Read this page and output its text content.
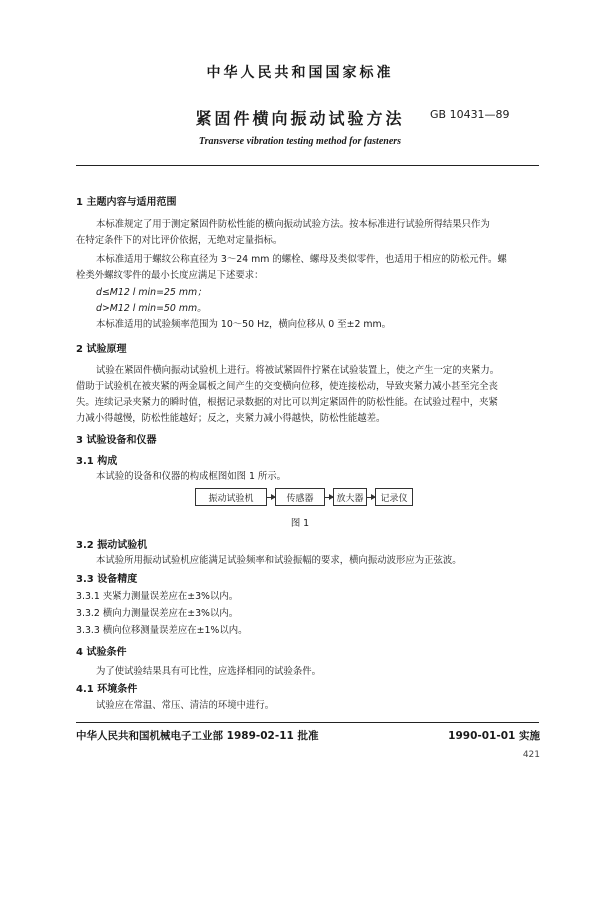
中华人民共和国国家标准

紧固件横向振动试验方法	GB 10431—89

Transverse vibration testing method for fasteners

1 主题内容与适用范围

本标准规定了用于测定紧固件防松性能的横向振动试验方法。按本标准进行试验所得结果只作为

在特定条件下的对比评价依据，无绝对定量指标。

本标准适用于螺纹公称直径为 3～24 mm 的螺栓、螺母及类似零件，也适用于相应的防松元件。螺

栓类外螺纹零件的最小长度应满足下述要求：

d≤M12 l min=25 mm；

d>M12 l min=50 mm。

本标准适用的试验频率范围为 10～50 Hz，横向位移从 0 至±2 mm。

2 试验原理

试验在紧固件横向振动试验机上进行。将被试紧固件拧紧在试验装置上，使之产生一定的夹紧力。

借助于试验机在被夹紧的两金属板之间产生的交变横向位移，使连接松动，导致夹紧力减小甚至完全丧

失。连续记录夹紧力的瞬时值，根据记录数据的对比可以判定紧固件的防松性能。在试验过程中，夹紧

力减小得越慢，防松性能越好；反之，夹紧力减小得越快，防松性能越差。

3 试验设备和仪器

3.1 构成

本试验的设备和仪器的构成框图如图 1 所示。

振动试验机	传感器	放大器	记录仪

图 1

3.2 振动试验机

本试验所用振动试验机应能满足试验频率和试验振幅的要求，横向振动波形应为正弦波。

3.3 设备精度

3.3.1 夹紧力测量误差应在±3%以内。

3.3.2 横向力测量误差应在±3%以内。

3.3.3 横向位移测量误差应在±1%以内。

4 试验条件

为了使试验结果具有可比性，应选择相同的试验条件。

4.1 环境条件

试验应在常温、常压、清洁的环境中进行。

中华人民共和国机械电子工业部 1989-02-11 批准	1990-01-01 实施

421
